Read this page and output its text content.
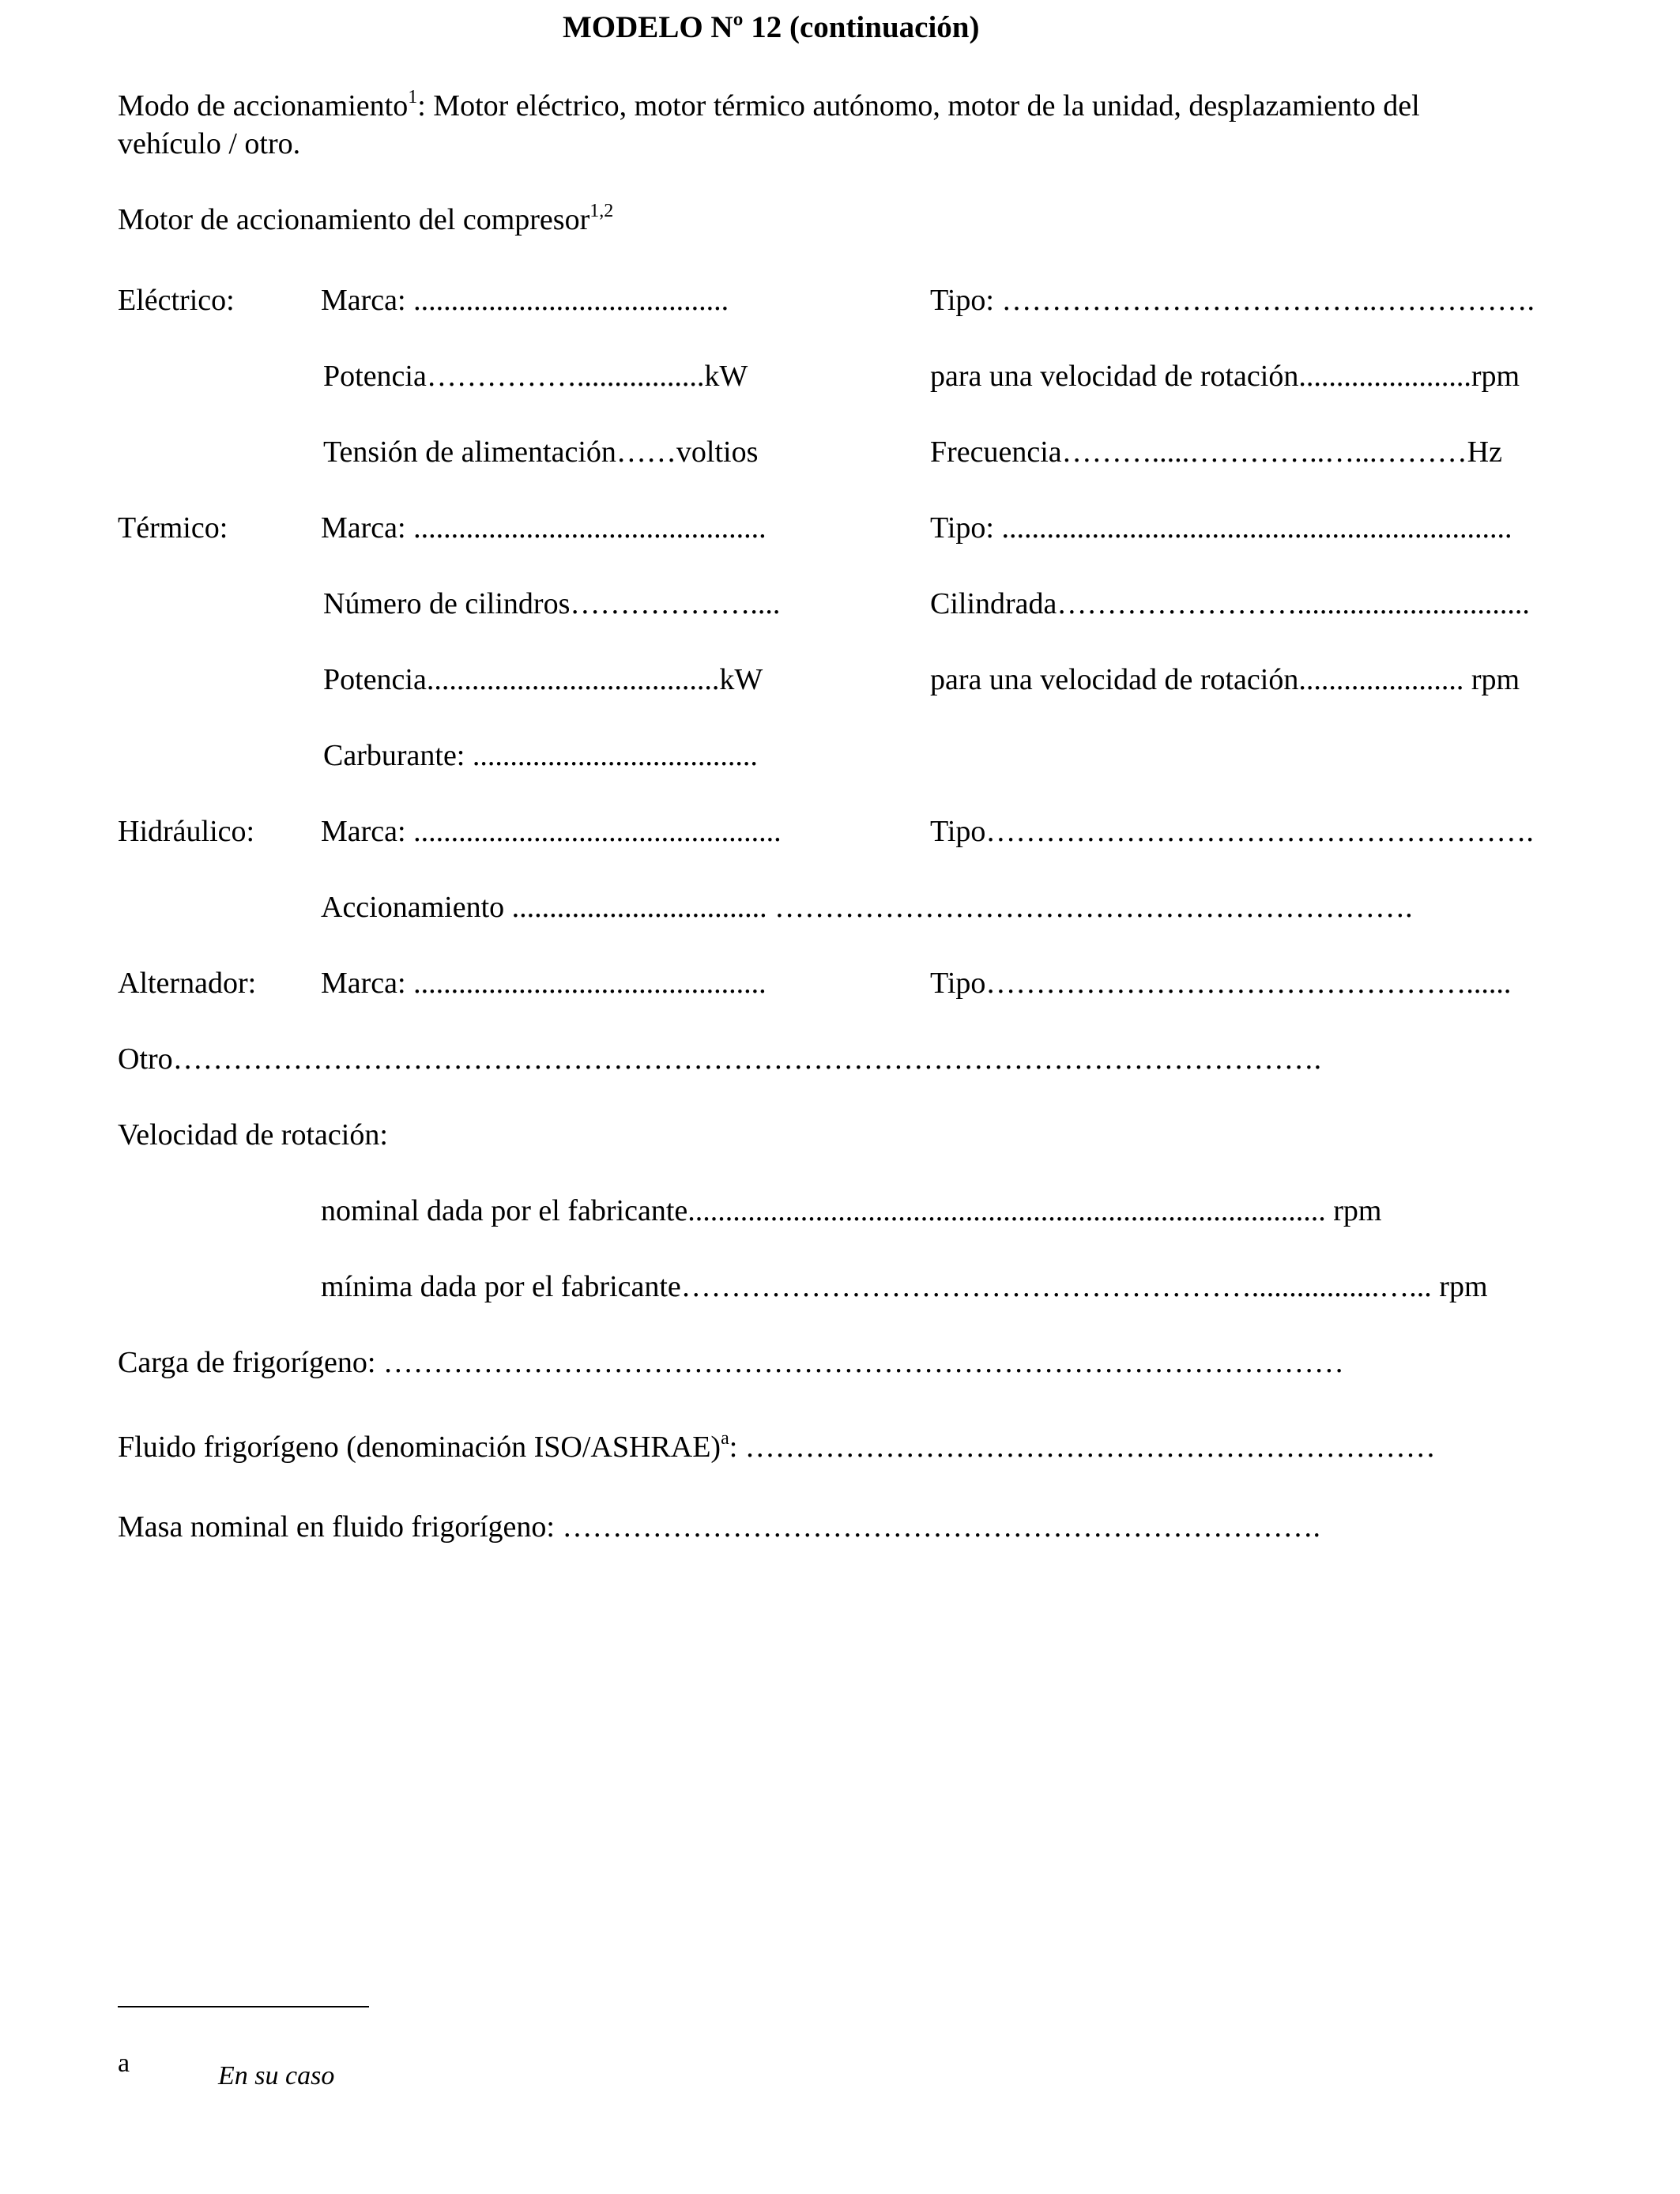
MODELO Nº 12 (continuación)
Modo de accionamiento$^1$: Motor eléctrico, motor térmico autónomo, motor de la unidad, desplazamiento del
vehículo / otro.
Motor de accionamiento del compresor$^{1,2}$
Eléctrico:	Marca: ..........................................	Tipo: ………………………………..…………….
Potencia…………….................kW	para una velocidad de rotación.......................rpm
Tensión de alimentación……voltios	Frecuencia……….....…………..…...………Hz
Térmico:	Marca: ...............................................	Tipo: ....................................................................
Número de cilindros………………....	Cilindrada……………………...............................
Potencia.......................................kW	para una velocidad de rotación...................... rpm
Carburante: ......................................
Hidráulico: Marca: .................................................	Tipo……………………………………………….
Accionamiento .................................. ……………………………………………………….
Alternador: Marca: ...............................................	Tipo…………………………………………......
Otro…………………………………………………………………………………………………….
Velocidad de rotación:
nominal dada por el fabricante..................................................................................... rpm
mínima dada por el fabricante………………………………………………….................…... rpm
Carga de frigorígeno: ……………………………………………………………………………………
Fluido frigorígeno (denominación ISO/ASHRAE)$^a$: ……………………………………………………………
Masa nominal en fluido frigorígeno: ………………………………………………………………….
a	En su caso
